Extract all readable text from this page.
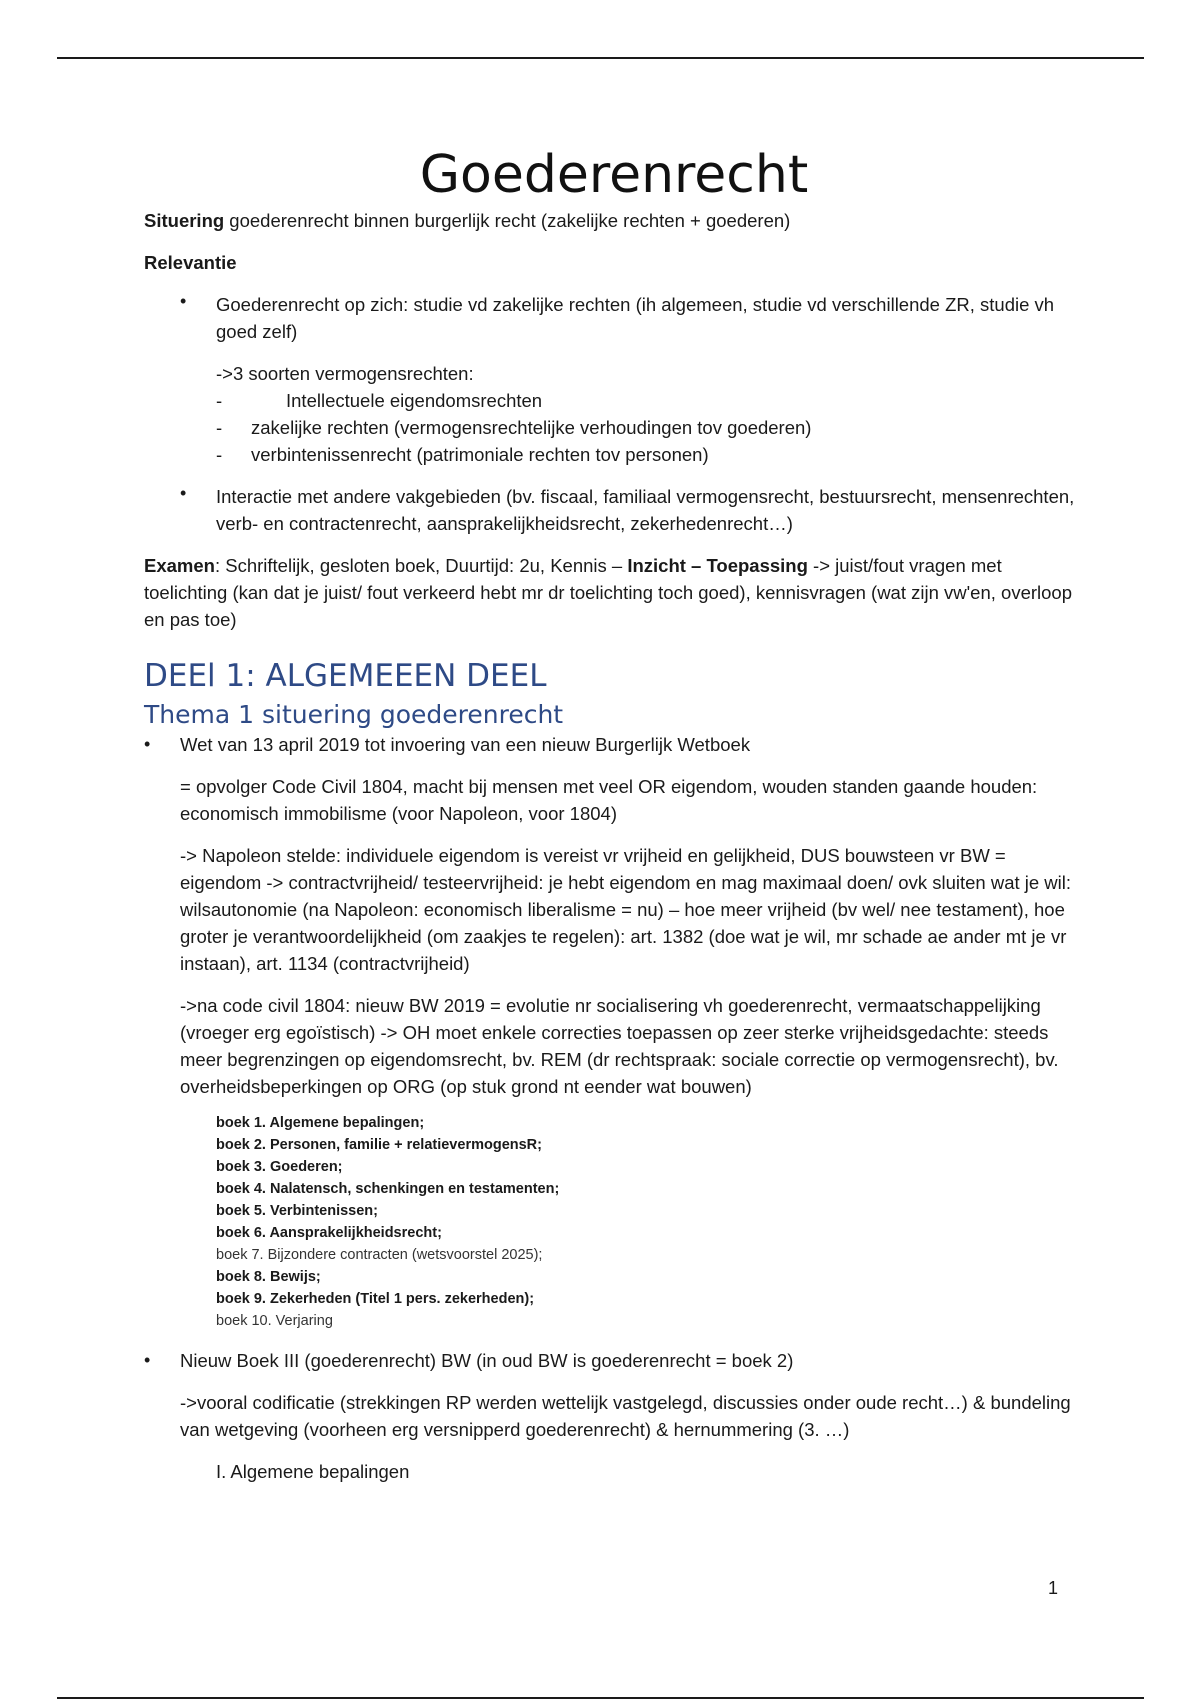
Goederenrecht

Situering goederenrecht binnen burgerlijk recht (zakelijke rechten + goederen)

Relevantie

• Goederenrecht op zich: studie vd zakelijke rechten (ih algemeen, studie vd verschillende ZR, studie vh goed zelf)

->3 soorten vermogensrechten:

- Intellectuele eigendomsrechten
- zakelijke rechten (vermogensrechtelijke verhoudingen tov goederen)
- verbintenissenrecht (patrimoniale rechten tov personen)

• Interactie met andere vakgebieden (bv. fiscaal, familiaal vermogensrecht, bestuursrecht, mensenrechten, verb- en contractenrecht, aansprakelijkheidsrecht, zekerhedenrecht…)

Examen: Schriftelijk, gesloten boek, Duurtijd: 2u, Kennis – Inzicht – Toepassing -> juist/fout vragen met toelichting (kan dat je juist/ fout verkeerd hebt mr dr toelichting toch goed), kennisvragen (wat zijn vw'en, overloop en pas toe)

DEEl 1: ALGEMEEEN DEEL
Thema 1 situering goederenrecht

• Wet van 13 april 2019 tot invoering van een nieuw Burgerlijk Wetboek

= opvolger Code Civil 1804, macht bij mensen met veel OR eigendom, wouden standen gaande houden: economisch immobilisme (voor Napoleon, voor 1804)

-> Napoleon stelde: individuele eigendom is vereist vr vrijheid en gelijkheid, DUS bouwsteen vr BW = eigendom -> contractvrijheid/ testeervrijheid: je hebt eigendom en mag maximaal doen/ ovk sluiten wat je wil: wilsautonomie (na Napoleon: economisch liberalisme = nu) – hoe meer vrijheid (bv wel/ nee testament), hoe groter je verantwoordelijkheid (om zaakjes te regelen): art. 1382 (doe wat je wil, mr schade ae ander mt je vr instaan), art. 1134 (contractvrijheid)

->na code civil 1804: nieuw BW 2019 = evolutie nr socialisering vh goederenrecht, vermaatschappelijking (vroeger erg egoïstisch) -> OH moet enkele correcties toepassen op zeer sterke vrijheidsgedachte: steeds meer begrenzingen op eigendomsrecht, bv. REM (dr rechtspraak: sociale correctie op vermogensrecht), bv. overheidsbeperkingen op ORG (op stuk grond nt eender wat bouwen)

boek 1. Algemene bepalingen;
boek 2. Personen, familie + relatievermogensR;
boek 3. Goederen;
boek 4. Nalatensch, schenkingen en testamenten;
boek 5. Verbintenissen;
boek 6. Aansprakelijkheidsrecht;
boek 7. Bijzondere contracten (wetsvoorstel 2025);
boek 8. Bewijs;
boek 9. Zekerheden (Titel 1 pers. zekerheden);
boek 10. Verjaring

• Nieuw Boek III (goederenrecht) BW (in oud BW is goederenrecht = boek 2)

->vooral codificatie (strekkingen RP werden wettelijk vastgelegd, discussies onder oude recht…) & bundeling van wetgeving (voorheen erg versnipperd goederenrecht) & hernummering (3. …)

I. Algemene bepalingen

1
